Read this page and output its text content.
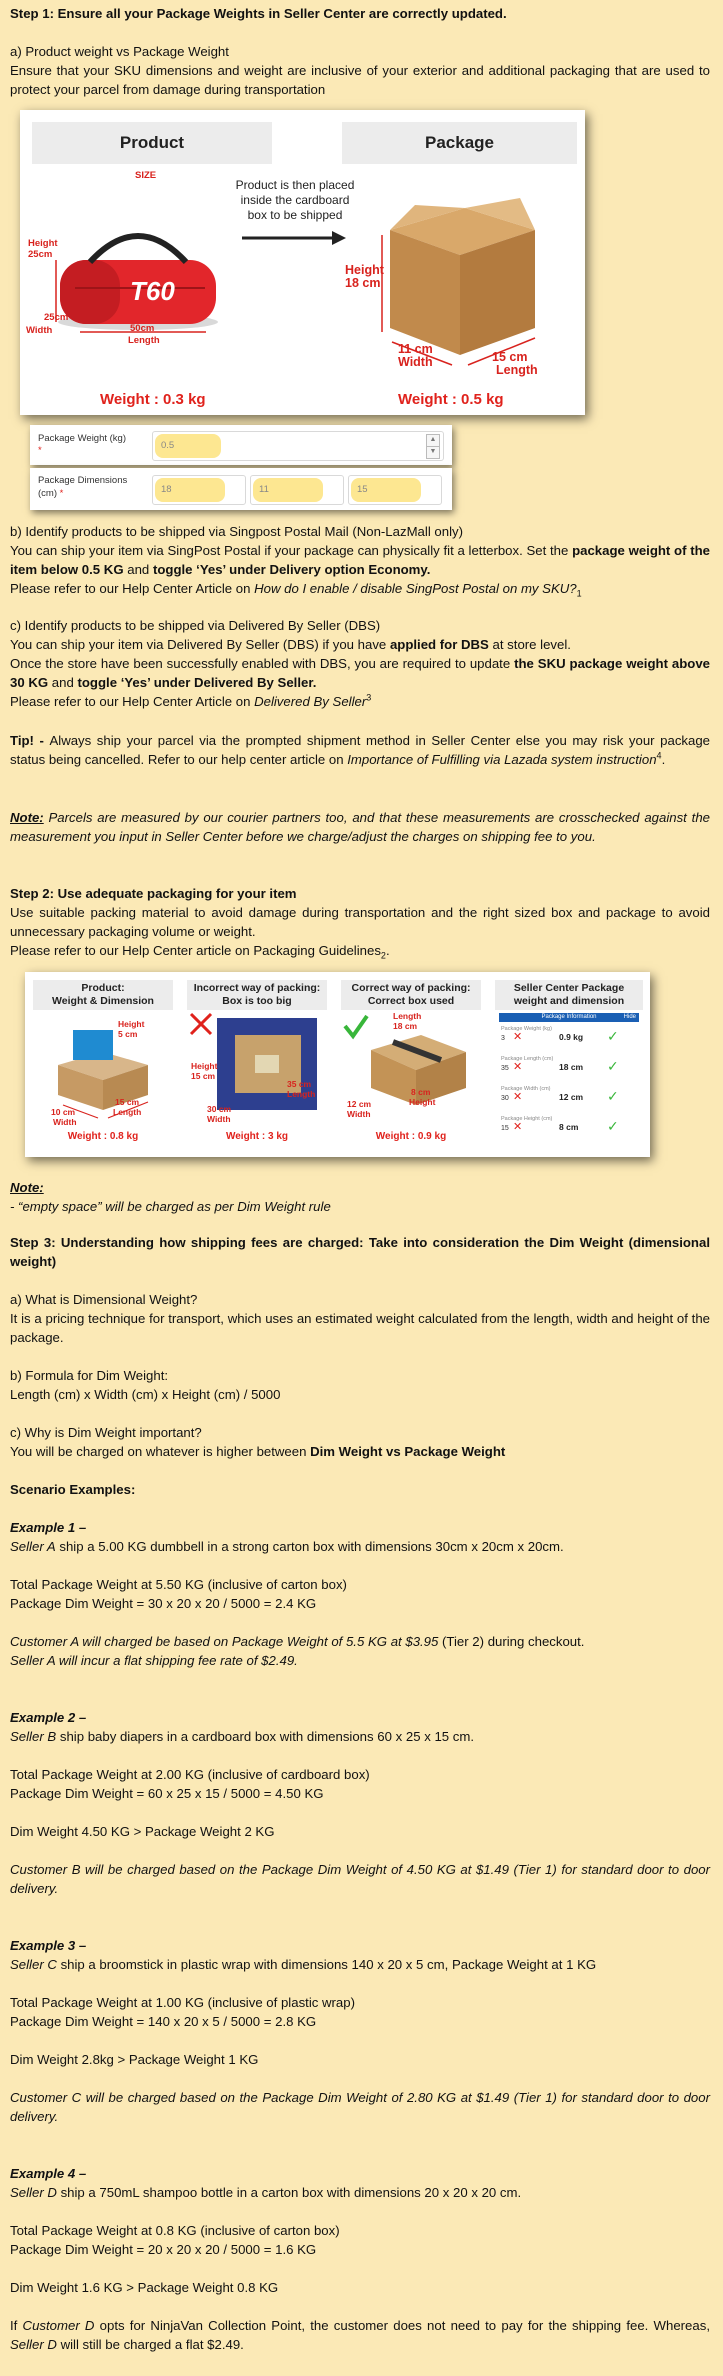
Step 1: Ensure all your Package Weights in Seller Center are correctly updated.

a) Product weight vs Package Weight

Ensure that your SKU dimensions and weight are inclusive of your exterior and additional packaging that are used to protect your parcel from damage during transportation

Product	Package
T60
SIZE
Product is then placed inside the cardboard box to be shipped
Height
25cm
25cm
Width	50cm
Length
Weight : 0.3 kg
Height
18 cm
11 cm
Width	15 cm
Length
Weight : 0.5 kg
Package Weight (kg)
*	0.5
▲
▼
Package Dimensions
(cm) *	18	11	15

b) Identify products to be shipped via Singpost Postal Mail (Non-LazMall only)

You can ship your item via SingPost Postal if your package can physically fit a letterbox. Set the package weight of the item below 0.5 KG and toggle ‘Yes’ under Delivery option Economy.

Please refer to our Help Center Article on How do I enable / disable SingPost Postal on my $SKU?_1$

c) Identify products to be shipped via Delivered By Seller (DBS)

You can ship your item via Delivered By Seller (DBS) if you have applied for DBS at store level.

Once the store have been successfully enabled with DBS, you are required to update the SKU package weight above 30 KG and toggle ‘Yes’ under Delivered By Seller.

Please refer to our Help Center Article on Delivered By Seller$^3$

Tip! - Always ship your parcel via the prompted shipment method in Seller Center else you may risk your package status being cancelled. Refer to our help center article on Importance of Fulfilling via Lazada system instruction$^4$.

Note: Parcels are measured by our courier partners too, and that these measurements are crosschecked against the measurement you input in Seller Center before we charge/adjust the charges on shipping fee to you.

Step 2: Use adequate packaging for your item

Use suitable packing material to avoid damage during transportation and the right sized box and package to avoid unnecessary packaging volume or weight.

Please refer to our Help Center article on Packaging Guidelines$_2$.

Product:
Weight & Dimension
Height
5 cm
10 cm
Width
15 cm
Length
Weight : 0.8 kg
Incorrect way of packing:
Box is too big
Height
15 cm
30 cm
Width
35 cm
Length
Weight : 3 kg
Correct way of packing:
Correct box used
Length
18 cm
12 cm
Width
8 cm
Height
Weight : 0.9 kg
Seller Center Package
weight and dimension
Package Information	Hide
Package Weight (kg)
3 ✕	0.9 kg ✓
Package Length (cm)
35 ✕	18 cm ✓
Package Width (cm)
30 ✕	12 cm ✓
Package Height (cm)
15 ✕	8 cm ✓

Note:

- “empty space” will be charged as per Dim Weight rule

Step 3: Understanding how shipping fees are charged: Take into consideration the Dim Weight (dimensional weight)

a) What is Dimensional Weight?

It is a pricing technique for transport, which uses an estimated weight calculated from the length, width and height of the package.

b) Formula for Dim Weight:

Length (cm) x Width (cm) x Height (cm) / 5000

c) Why is Dim Weight important?

You will be charged on whatever is higher between Dim Weight vs Package Weight

Scenario Examples:

Example 1 –

Seller A ship a 5.00 KG dumbbell in a strong carton box with dimensions 30cm x 20cm x 20cm.

Total Package Weight at 5.50 KG (inclusive of carton box)

Package Dim Weight = 30 x 20 x 20 / 5000 = 2.4 KG

Customer A will charged be based on Package Weight of 5.5 KG at $3.95 (Tier 2) during checkout.

Seller A will incur a flat shipping fee rate of $2.49.

Example 2 –

Seller B ship baby diapers in a cardboard box with dimensions 60 x 25 x 15 cm.

Total Package Weight at 2.00 KG (inclusive of cardboard box)

Package Dim Weight = 60 x 25 x 15 / 5000 = 4.50 KG

Dim Weight 4.50 KG > Package Weight 2 KG

Customer B will be charged based on the Package Dim Weight of 4.50 KG at $1.49 (Tier 1) for standard door to door delivery.

Example 3 –

Seller C ship a broomstick in plastic wrap with dimensions 140 x 20 x 5 cm, Package Weight at 1 KG

Total Package Weight at 1.00 KG (inclusive of plastic wrap)

Package Dim Weight = 140 x 20 x 5 / 5000 = 2.8 KG

Dim Weight 2.8kg > Package Weight 1 KG

Customer C will be charged based on the Package Dim Weight of 2.80 KG at $1.49 (Tier 1) for standard door to door delivery.

Example 4 –

Seller D ship a 750mL shampoo bottle in a carton box with dimensions 20 x 20 x 20 cm.

Total Package Weight at 0.8 KG (inclusive of carton box)

Package Dim Weight = 20 x 20 x 20 / 5000 = 1.6 KG

Dim Weight 1.6 KG > Package Weight 0.8 KG

If Customer D opts for NinjaVan Collection Point, the customer does not need to pay for the shipping fee. Whereas, Seller D will still be charged a flat $2.49.
